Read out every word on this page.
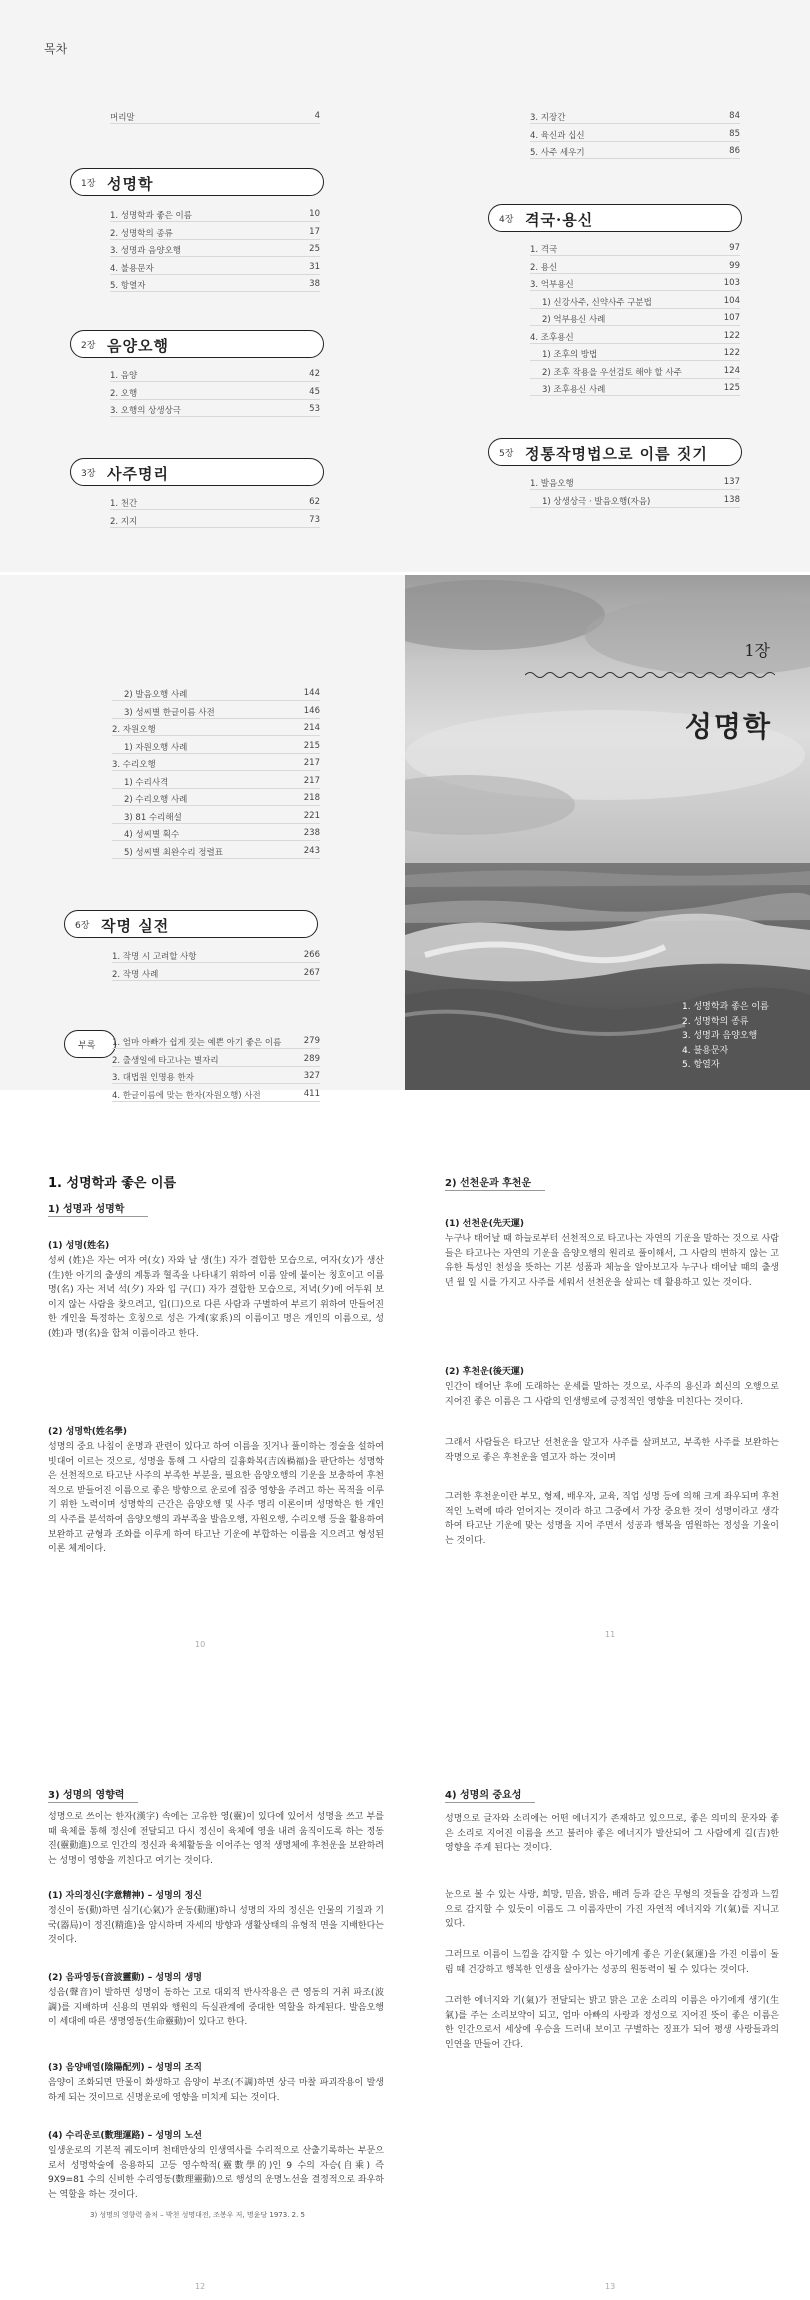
목차
머리말	4
1장 성명학
1. 성명학과 좋은 이름	10
2. 성명학의 종류	17
3. 성명과 음양오행	25
4. 불용문자	31
5. 항열자	38
2장 음양오행
1. 음양	42
2. 오행	45
3. 오행의 상생상극	53
3장 사주명리
1. 천간	62
2. 지지	73
3. 지장간	84
4. 육신과 십신	85
5. 사주 세우기	86
4장 격국·용신
1. 격국	97
2. 용신	99
3. 억부용신	103
1) 신강사주, 신약사주 구분법	104
2) 억부용신 사례	107
4. 조후용신	122
1) 조후의 방법	122
2) 조후 작용을 우선검토 해야 할 사주	124
3) 조후용신 사례	125
5장 정통작명법으로 이름 짓기
1. 발음오행	137
1) 상생상극 · 발음오행(자음)	138
2) 발음오행 사례	144
3) 성씨별 한글이름 사전	146
2. 자원오행	214
1) 자원오행 사례	215
3. 수리오행	217
1) 수리사격	217
2) 수리오행 사례	218
3) 81 수리해설	221
4) 성씨별 획수	238
5) 성씨별 최완수리 정렬표	243
6장 작명 실전
1. 작명 시 고려할 사항	266
2. 작명 사례	267
부록 1. 엄마 아빠가 쉽게 짓는 예쁜 아기 좋은 이름	279
2. 출생일에 타고나는 별자리	289
3. 대법원 인명용 한자	327
4. 한글이름에 맞는 한자(자원오행) 사전	411
1장
성명학
1. 성명학과 좋은 이름
2. 성명학의 종류
3. 성명과 음양오행
4. 불용문자
5. 항열자
1. 성명학과 좋은 이름
1) 성명과 성명학
(1) 성명(姓名)
성씨 (姓)은 자는 여자 여(女) 자와 날 생(生) 자가 결합한 모습으로, 여자(女)가 생산(生)한 아기의 출생의 계통과 혈족을 나타내기 위하여 이름 앞에 붙이는 칭호이고 이름 명(名) 자는 저녁 석(夕) 자와 입 구(口) 자가 결합한 모습으로, 저녁(夕)에 어두워 보이지 않는 사람을 찾으려고, 입(口)으로 다른 사람과 구별하여 부르기 위하여 만들어진 한 개인을 특정하는 호칭으로 성은 가계(家系)의 이름이고 명은 개인의 이름으로, 성(姓)과 명(名)을 합쳐 이름이라고 한다.
(2) 성명학(姓名學)
성명의 중요 나침이 운명과 관련이 있다고 하여 이름을 짓거나 풀이하는 정술을 설하여 빗대어 이르는 것으로, 성명을 통해 그 사람의 길흉화복(吉凶禍福)을 판단하는 성명학은 선천적으로 타고난 사주의 부족한 부분을, 필요한 음양오행의 기운을 보충하여 후천적으로 받들어진 이름으로 좋은 방향으로 운로에 집중 영향을 주려고 하는 목적을 이루기 위한 노력이며 성명학의 근간은 음양오행 및 사주 명리 이론이며 성명학은 한 개인의 사주를 분석하여 음양오행의 과부족을 발음오행, 자원오행, 수리오행 등을 활용하여 보완하고 균형과 조화를 이루게 하여 타고난 기운에 부합하는 이름을 지으려고 형성된 이론 체계이다.
10
2) 선천운과 후천운
(1) 선천운(先天運)
누구나 태어날 때 하늘로부터 선천적으로 타고나는 자연의 기운을 말하는 것으로 사람들은 타고나는 자연의 기운을 음양오행의 원리로 풀이해서, 그 사람의 변하지 않는 고유한 특성인 천성을 뜻하는 기본 성품과 체능을 알아보고자 누구나 태어날 때의 출생 년 월 일 시를 가지고 사주를 세워서 선천운을 살피는 데 활용하고 있는 것이다.
(2) 후천운(後天運)
인간이 태어난 후에 도래하는 운세를 말하는 것으로, 사주의 용신과 희신의 오행으로 지어진 좋은 이름은 그 사람의 인생행로에 긍정적인 영향을 미친다는 것이다.
그래서 사람들은 타고난 선천운을 알고자 사주를 살펴보고, 부족한 사주를 보완하는 작명으로 좋은 후천운을 열고자 하는 것이며
그러한 후천운이란 부모, 형제, 배우자, 교육, 직업 성명 등에 의해 크게 좌우되며 후천적인 노력에 따라 얻어지는 것이라 하고 그중에서 가장 중요한 것이 성명이라고 생각하여 타고난 기운에 맞는 성명을 지어 주면서 성공과 행복을 염원하는 정성을 기울이는 것이다.
11
3) 성명의 영향력
성명으로 쓰이는 한자(漢字) 속에는 고유한 영(靈)이 있다에 있어서 성명을 쓰고 부를 때 육체를 통해 정신에 전달되고 다시 정신이 육체에 영을 내려 움직이도록 하는 정동진(靈動進)으로 인간의 정신과 육체활동을 이어주는 영적 생명체에 후천운을 보완하려는 성명이 영향을 끼친다고 여기는 것이다.
(1) 자의정신(字意精神) – 성명의 정신
정신이 동(動)하면 심기(心氣)가 운동(動運)하니 성명의 자의 정신은 인물의 기질과 기국(器局)이 정진(精進)을 암시하며 자세의 방향과 생활상태의 유형적 면을 지배한다는 것이다.
(2) 음파영동(音波靈動) – 성명의 생명
성음(聲音)이 발하면 성명이 동하는 고로 대외적 반사작용은 큰 영동의 거취 파조(波調)를 지배하며 신용의 면위와 행원의 득실관계에 중대한 역할을 하게된다. 발음오행이 세대에 따른 생명영동(生命靈動)이 있다고 한다.
(3) 음양배열(陰陽配列) – 성명의 조직
음양이 조화되면 만물이 화생하고 음양이 부조(不調)하면 상극 마찰 파괴작용이 발생하게 되는 것이므로 신명운로에 영향을 미치게 되는 것이다.
(4) 수리운로(數理運路) – 성명의 노선
일생운로의 기본적 궤도이며 천태만상의 인생역사를 수리적으로 산출기록하는 부문으로서 성명학술에 응용하되 고등 영수학적(靈數學的)인 9 수의 자승(自乘) 즉 9X9=81 수의 신비한 수리영동(數理靈動)으로 행성의 운명노선을 결정적으로 좌우하는 역할을 하는 것이다.
3) 성명의 영향력 출처 – 박천 성명대전, 조봉우 저, 명윤당 1973. 2. 5
12
4) 성명의 중요성
성명으로 글자와 소리에는 어떤 에너지가 존재하고 있으므로, 좋은 의미의 문자와 좋은 소리로 지어진 이름을 쓰고 불러야 좋은 에너지가 발산되어 그 사람에게 길(吉)한 영향을 주게 된다는 것이다.
눈으로 볼 수 있는 사랑, 희망, 믿음, 밝음, 배려 등과 같은 무형의 것들을 감정과 느낌으로 감지할 수 있듯이 이름도 그 이름자만이 가진 자연적 에너지와 기(氣)를 지니고 있다.
그러므로 이름이 느낌을 감지할 수 있는 아기에게 좋은 기운(氣運)을 가진 이름이 돌림 때 건강하고 행복한 인생을 살아가는 성공의 원동력이 될 수 있다는 것이다.
그러한 에너지와 기(氣)가 전달되는 밝고 맑은 고운 소리의 이름은 아기에게 생기(生氣)를 주는 소리보약이 되고, 엄마 아빠의 사랑과 정성으로 지어진 뜻이 좋은 이름은 한 인간으로서 세상에 우승을 드러내 보이고 구별하는 징표가 되어 평생 사랑들과의 인연을 만들어 간다.
13
